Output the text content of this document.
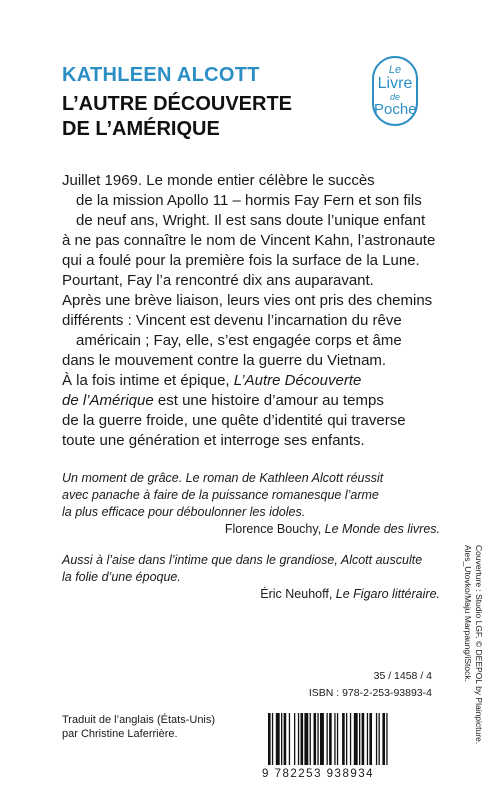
KATHLEEN ALCOTT
L’AUTRE DÉCOUVERTE
DE L’AMÉRIQUE
Le
Livre
de
Poche

Juillet 1969. Le monde entier célèbre le succès

de la mission Apollo 11 – hormis Fay Fern et son fils

de neuf ans, Wright. Il est sans doute l’unique enfant

à ne pas connaître le nom de Vincent Kahn, l’astronaute

qui a foulé pour la première fois la surface de la Lune.

Pourtant, Fay l’a rencontré dix ans auparavant.

Après une brève liaison, leurs vies ont pris des chemins

différents : Vincent est devenu l’incarnation du rêve

américain ; Fay, elle, s’est engagée corps et âme

dans le mouvement contre la guerre du Vietnam.

À la fois intime et épique, L’Autre Découverte

de l’Amérique est une histoire d’amour au temps

de la guerre froide, une quête d’identité qui traverse

toute une génération et interroge ses enfants.

Un moment de grâce. Le roman de Kathleen Alcott réussit

avec panache à faire de la puissance romanesque l’arme

la plus efficace pour déboulonner les idoles.

Florence Bouchy, Le Monde des livres.

Aussi à l’aise dans l’intime que dans le grandiose, Alcott ausculte

la folie d’une époque.

Éric Neuhoff, Le Figaro littéraire.
35 / 1458 / 4
ISBN : 978-2-253-93893-4
Traduit de l’anglais (États-Unis)
par Christine Laferrière.
9 782253 938934
Couverture : Studio LGF. © DEEPOL by Plainpicture.
Ales_Utovko/Maju Marpaung/iStock.
